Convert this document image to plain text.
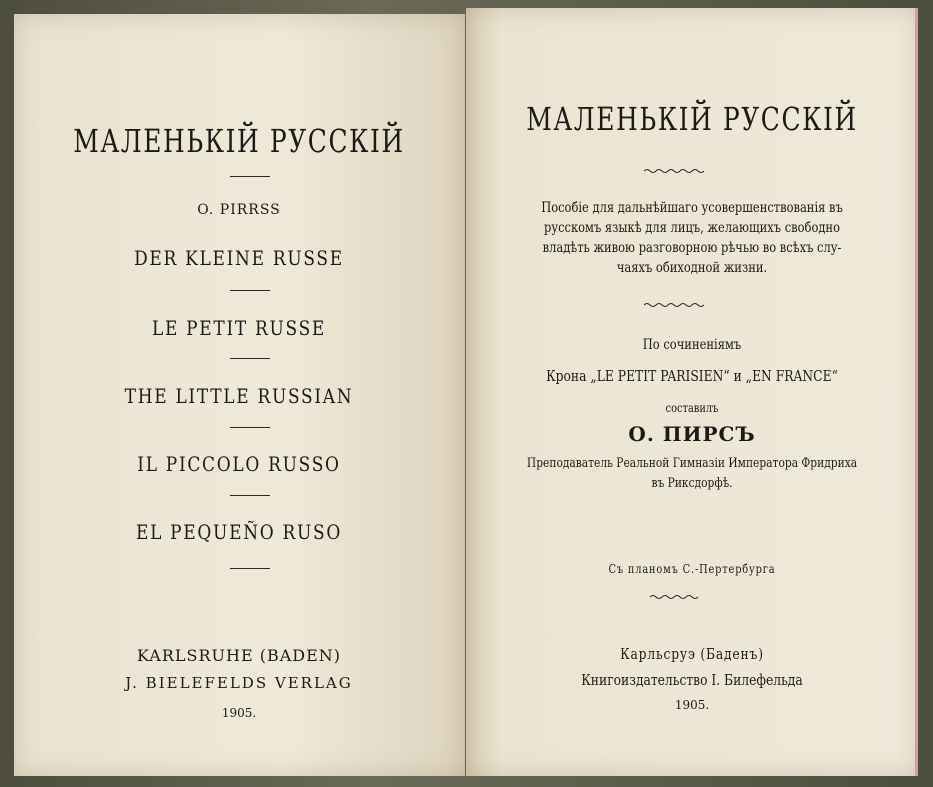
МАЛЕНЬКІЙ РУССКІЙ
O. PIRRSS
DER KLEINE RUSSE
LE PETIT RUSSE
THE LITTLE RUSSIAN
IL PICCOLO RUSSO
EL PEQUEÑO RUSO
KARLSRUHE (BADEN)
J. BIELEFELDS VERLAG
1905.
МАЛЕНЬКІЙ РУССКІЙ
Пособіе для дальнѣйшаго усовершенствованія въ
русскомъ языкѣ для лицъ, желающихъ свободно
владѣть живою разговорною рѣчью во всѣхъ слу-
чаяхъ обиходной жизни.
По сочиненіямъ
Крона „LE PETIT PARISIEN“ и „EN FRANCE“
составилъ
О. ПИРСЪ
Преподаватель Реальной Гимназіи Императора Фридриха
въ Риксдорфѣ.
Съ планомъ С.-Пертербурга
Карльсруэ (Баденъ)
Книгоиздательство І. Билефельда
1905.
